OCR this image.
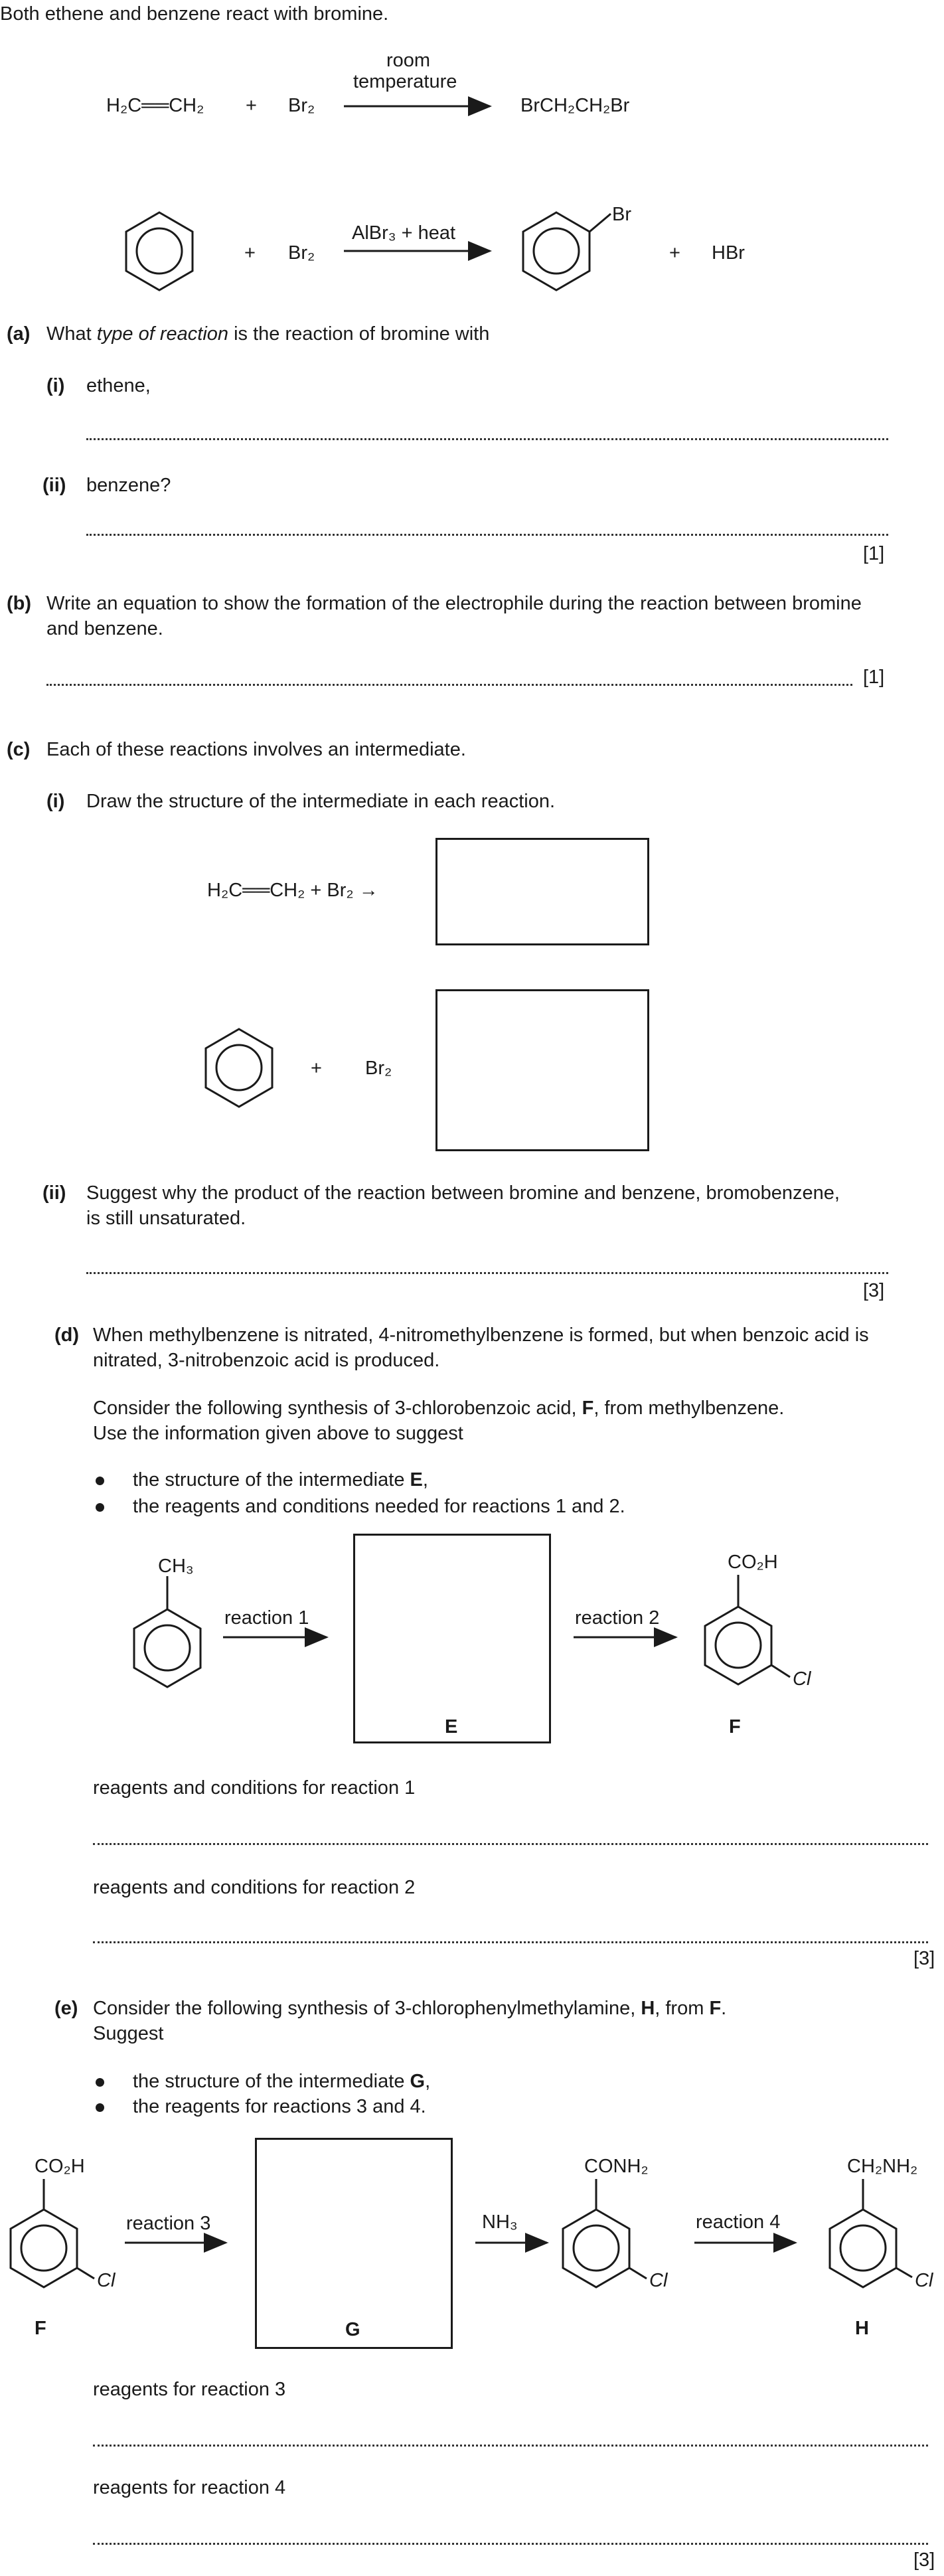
Both ethene and benzene react with bromine.
H₂C══CH₂ + Br₂
room
temperature
BrCH₂CH₂Br
+ Br₂
AlBr₃ + heat
Br
+ HBr
(a) What type of reaction is the reaction of bromine with
(i) ethene,
(ii) benzene?
[1]
(b) Write an equation to show the formation of the electrophile during the reaction between bromine
and benzene.
[1]
(c) Each of these reactions involves an intermediate.
(i) Draw the structure of the intermediate in each reaction.
H₂C══CH₂ + Br₂ →
+ Br₂
(ii) Suggest why the product of the reaction between bromine and benzene, bromobenzene,
is still unsaturated.
[3]
(d) When methylbenzene is nitrated, 4-nitromethylbenzene is formed, but when benzoic acid is
nitrated, 3-nitrobenzoic acid is produced.
Consider the following synthesis of 3-chlorobenzoic acid, F, from methylbenzene.
Use the information given above to suggest
the structure of the intermediate E,
the reagents and conditions needed for reactions 1 and 2.
CH₃
reaction 1
E
reaction 2
CO₂H
Cl
F
reagents and conditions for reaction 1
reagents and conditions for reaction 2
[3]
(e) Consider the following synthesis of 3-chlorophenylmethylamine, H, from F.
Suggest
the structure of the intermediate G,
the reagents for reactions 3 and 4.
CO₂H
Cl
F
reaction 3
G
NH₃
CONH₂
Cl
reaction 4
CH₂NH₂
Cl
H
reagents for reaction 3
reagents for reaction 4
[3]
